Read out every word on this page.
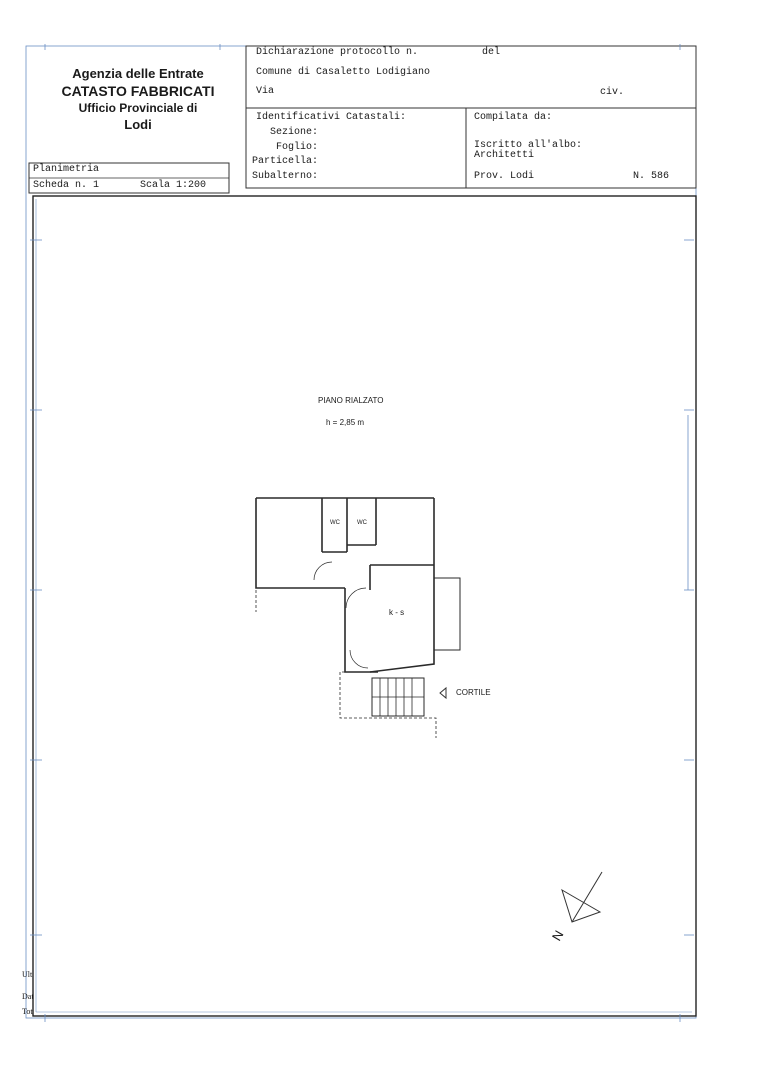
Agenzia delle Entrate
CATASTO FABBRICATI
Ufficio Provinciale di
Lodi
Dichiarazione protocollo n.	del
Comune di Casaletto Lodigiano
Via	civ.
Identificativi Catastali:
Sezione:
Foglio:
Particella:
Subalterno:
Compilata da:
Iscritto all'albo:
Architetti
Prov. Lodi	N. 586
Planimetria
Scheda n. 1	Scala 1:200
PIANO RIALZATO
h = 2,85 m
WC	WC
k - s
CORTILE
N
Ult
Dat
Tot
